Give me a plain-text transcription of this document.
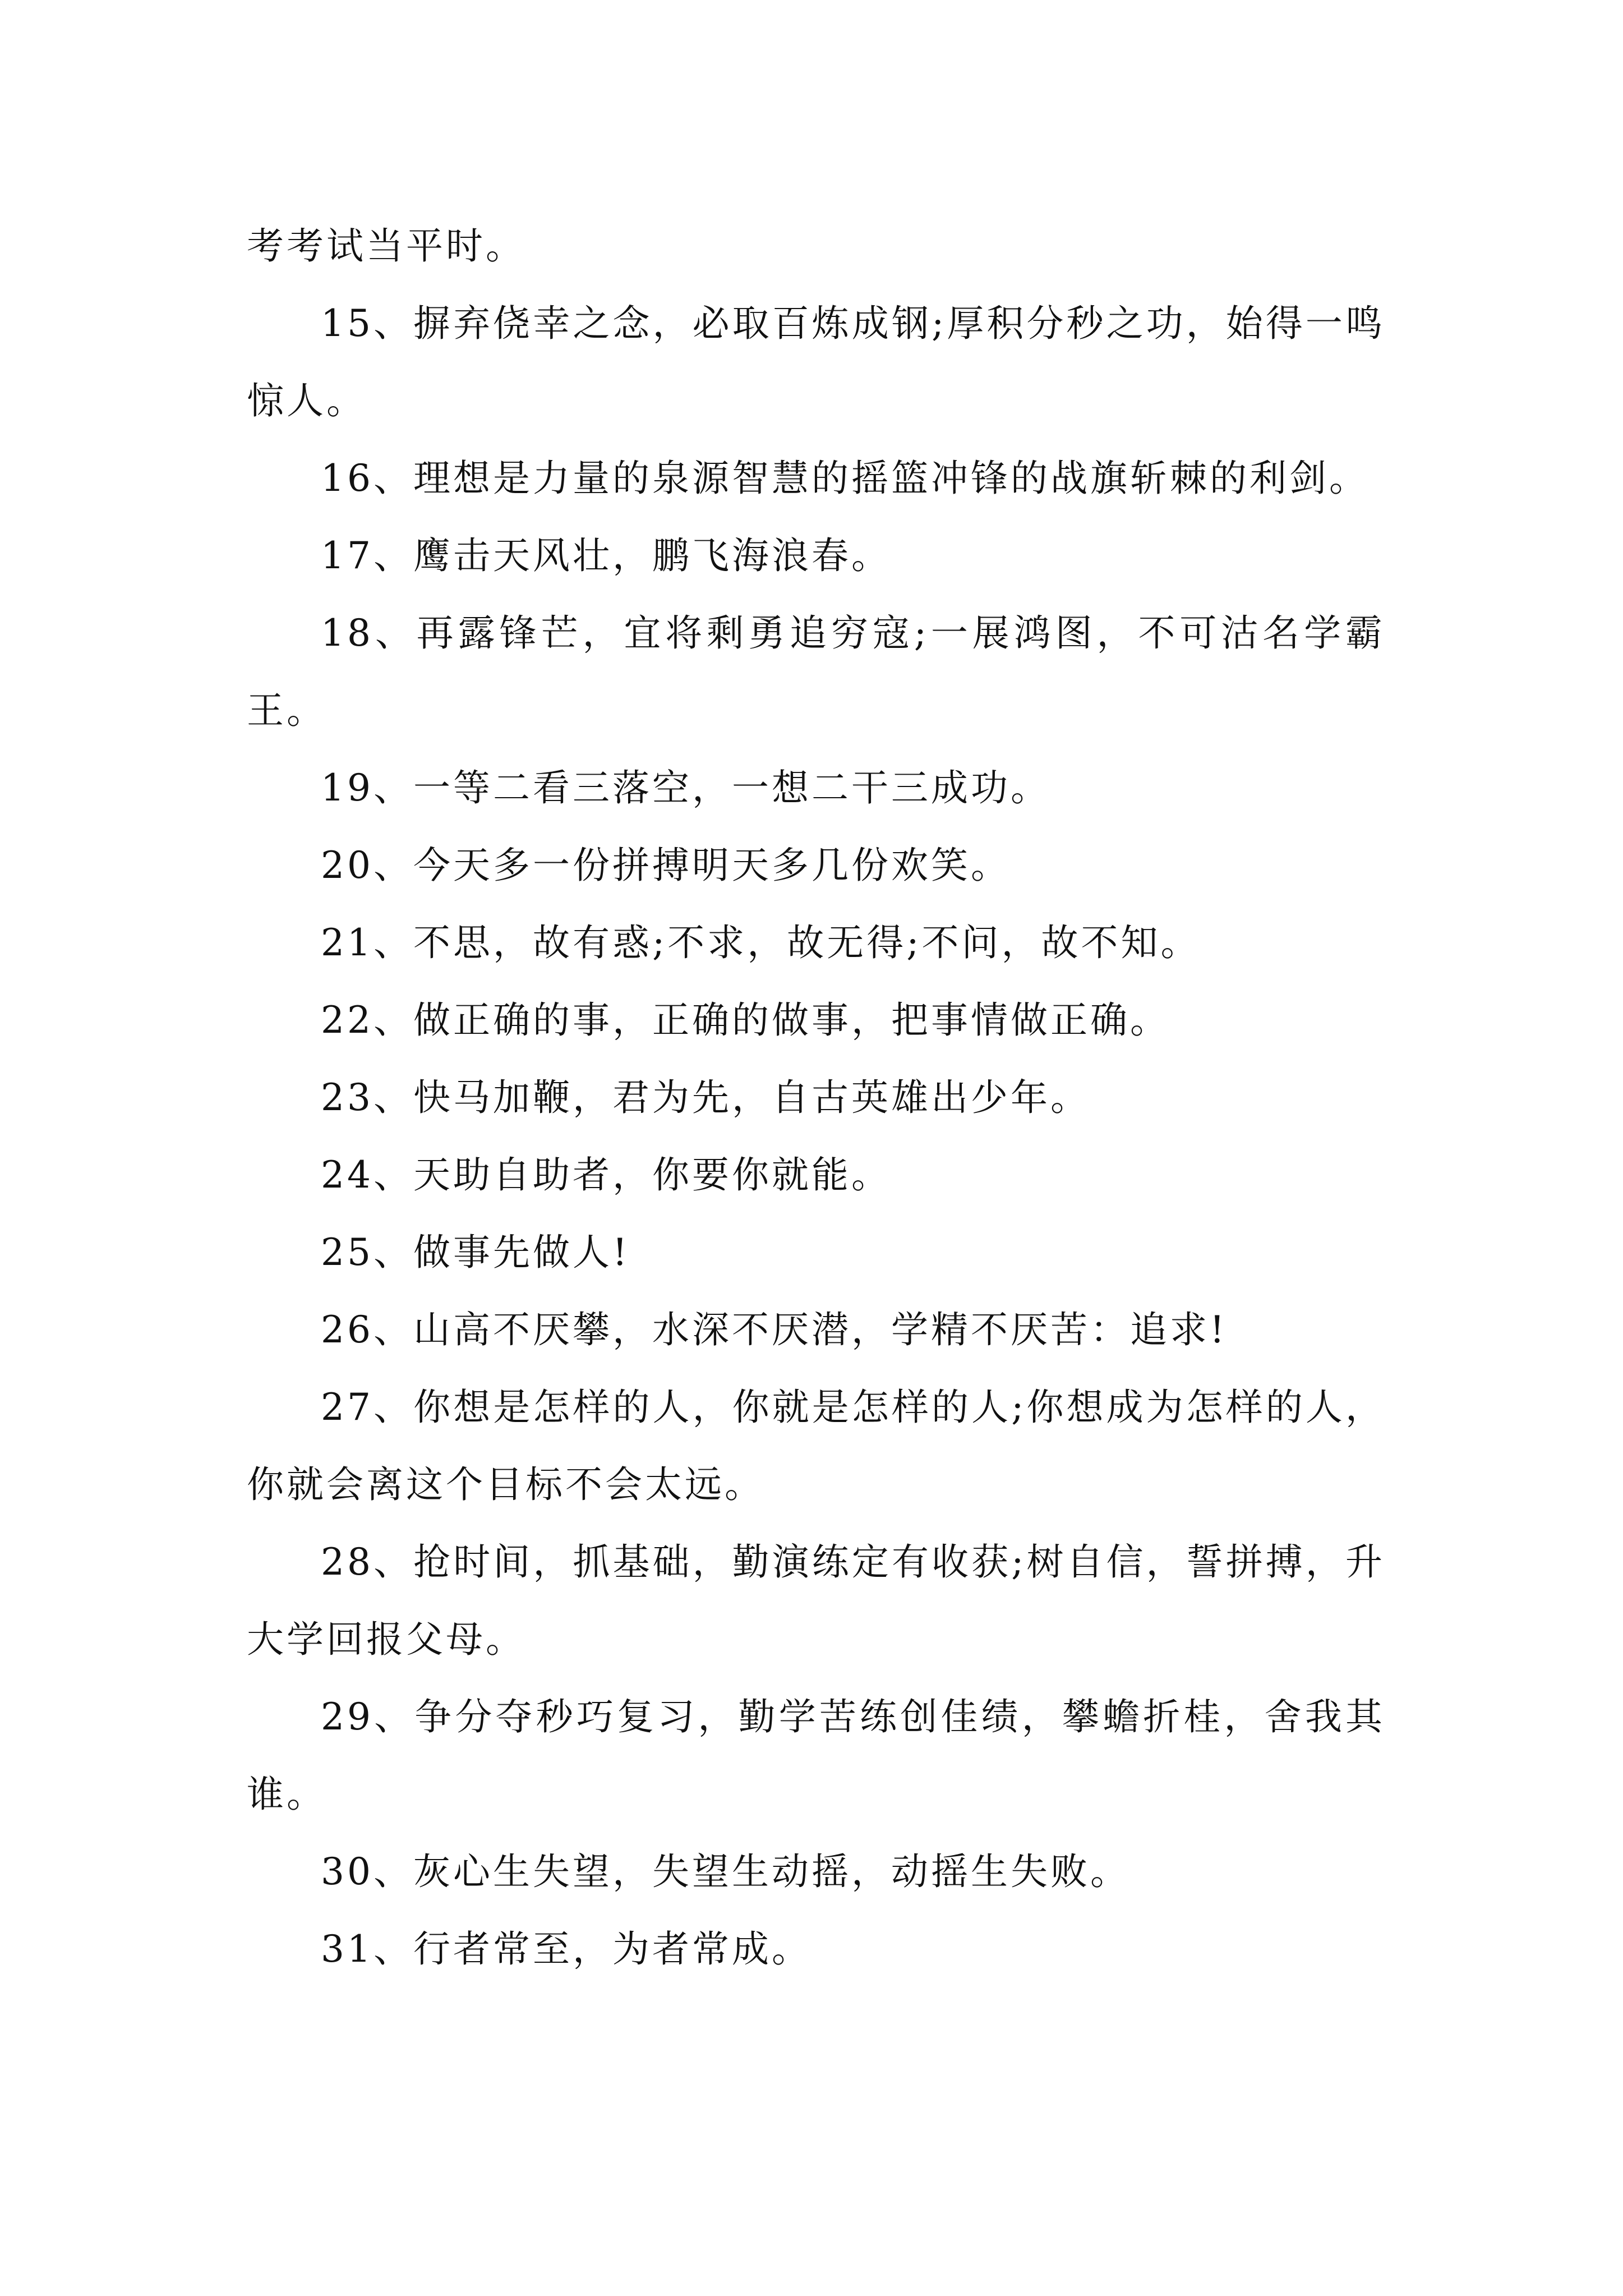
考考试当平时。

15、摒弃侥幸之念，必取百炼成钢;厚积分秒之功，始得一鸣惊人。

16、理想是力量的泉源智慧的摇篮冲锋的战旗斩棘的利剑。

17、鹰击天风壮，鹏飞海浪春。

18、再露锋芒，宜将剩勇追穷寇;一展鸿图，不可沽名学霸王。

19、一等二看三落空，一想二干三成功。

20、今天多一份拼搏明天多几份欢笑。

21、不思，故有惑;不求，故无得;不问，故不知。

22、做正确的事，正确的做事，把事情做正确。

23、快马加鞭，君为先，自古英雄出少年。

24、天助自助者，你要你就能。

25、做事先做人!

26、山高不厌攀，水深不厌潜，学精不厌苦：追求!

27、你想是怎样的人，你就是怎样的人;你想成为怎样的人，你就会离这个目标不会太远。

28、抢时间，抓基础，勤演练定有收获;树自信，誓拼搏，升大学回报父母。

29、争分夺秒巧复习，勤学苦练创佳绩，攀蟾折桂，舍我其谁。

30、灰心生失望，失望生动摇，动摇生失败。

31、行者常至，为者常成。
